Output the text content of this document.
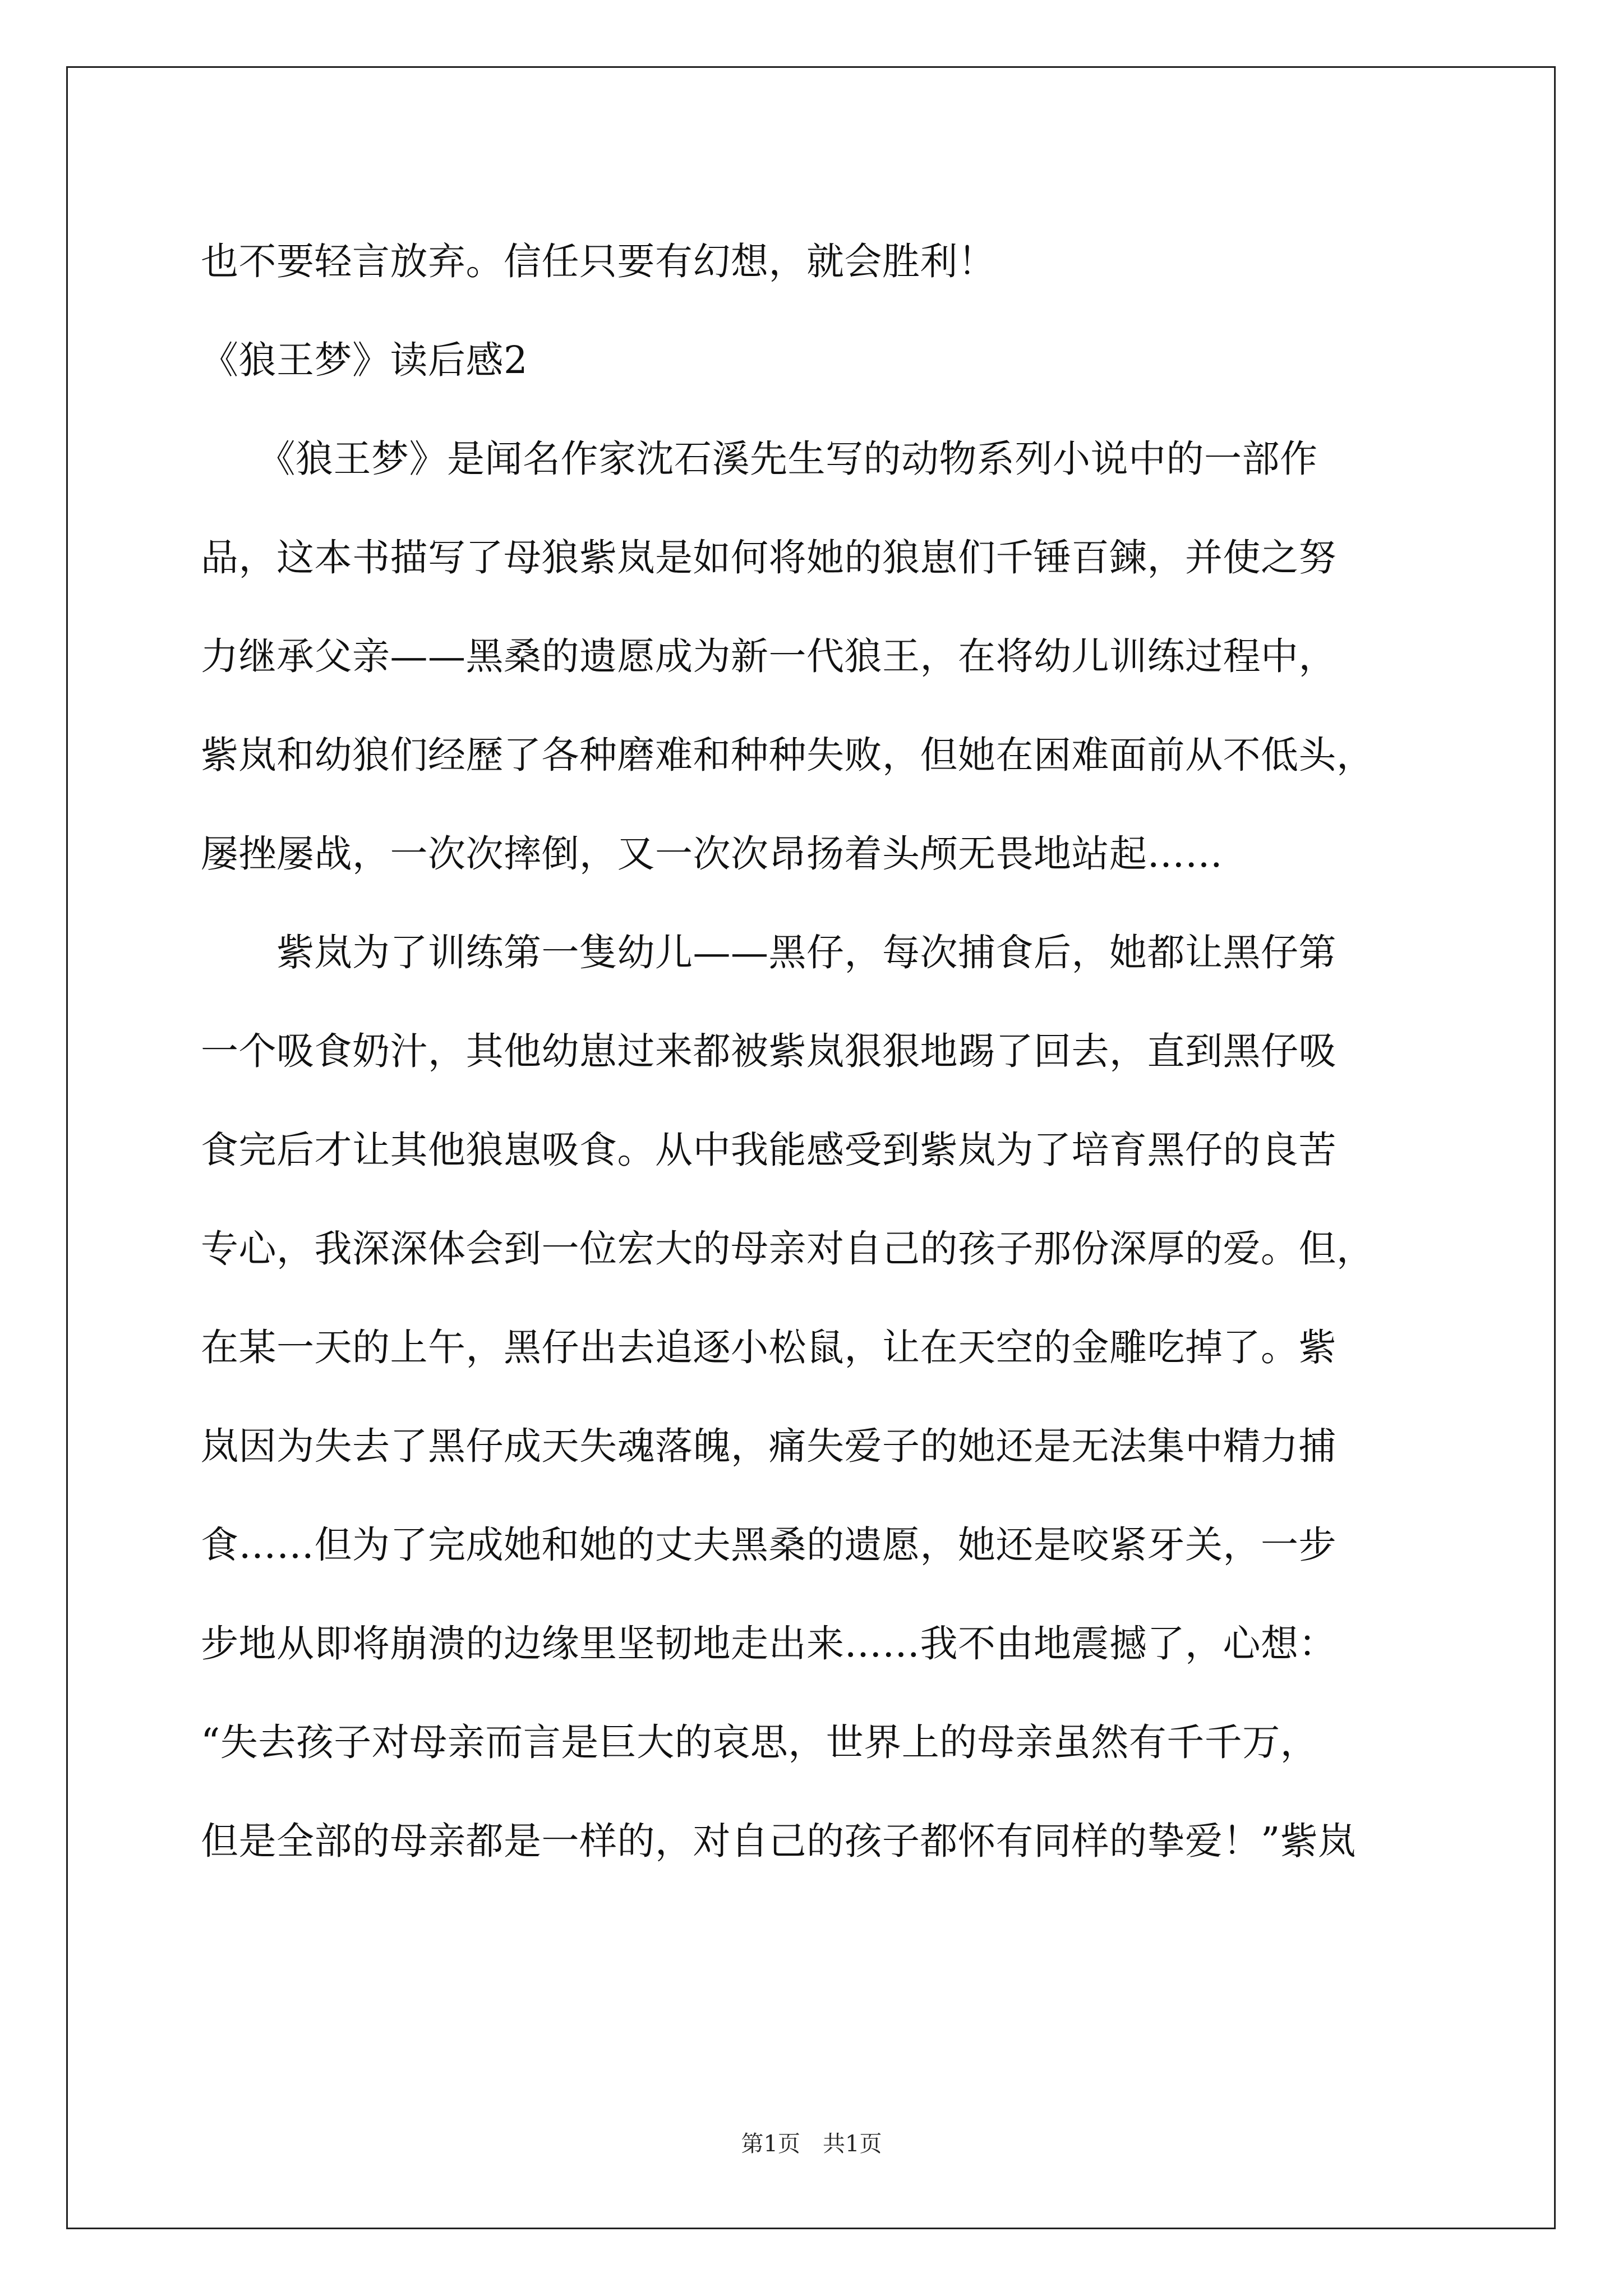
也不要轻言放弃。信任只要有幻想，就会胜利！
《狼王梦》读后感2
　　《狼王梦》是闻名作家沈石溪先生写的动物系列小说中的一部作
品，这本书描写了母狼紫岚是如何将她的狼崽们千锤百鍊，并使之努
力继承父亲——黑桑的遗愿成为新一代狼王，在将幼儿训练过程中，
紫岚和幼狼们经歷了各种磨难和种种失败，但她在困难面前从不低头，
屡挫屡战，一次次摔倒，又一次次昂扬着头颅无畏地站起……
　　紫岚为了训练第一隻幼儿——黑仔，每次捕食后，她都让黑仔第
一个吸食奶汁，其他幼崽过来都被紫岚狠狠地踢了回去，直到黑仔吸
食完后才让其他狼崽吸食。从中我能感受到紫岚为了培育黑仔的良苦
专心，我深深体会到一位宏大的母亲对自己的孩子那份深厚的爱。但，
在某一天的上午，黑仔出去追逐小松鼠，让在天空的金雕吃掉了。紫
岚因为失去了黑仔成天失魂落魄，痛失爱子的她还是无法集中精力捕
食……但为了完成她和她的丈夫黑桑的遗愿，她还是咬紧牙关，一步
步地从即将崩溃的边缘里坚韧地走出来……我不由地震撼了，心想：
“失去孩子对母亲而言是巨大的哀思，世界上的母亲虽然有千千万，
但是全部的母亲都是一样的，对自己的孩子都怀有同样的挚爱！”紫岚
第1页　共1页
